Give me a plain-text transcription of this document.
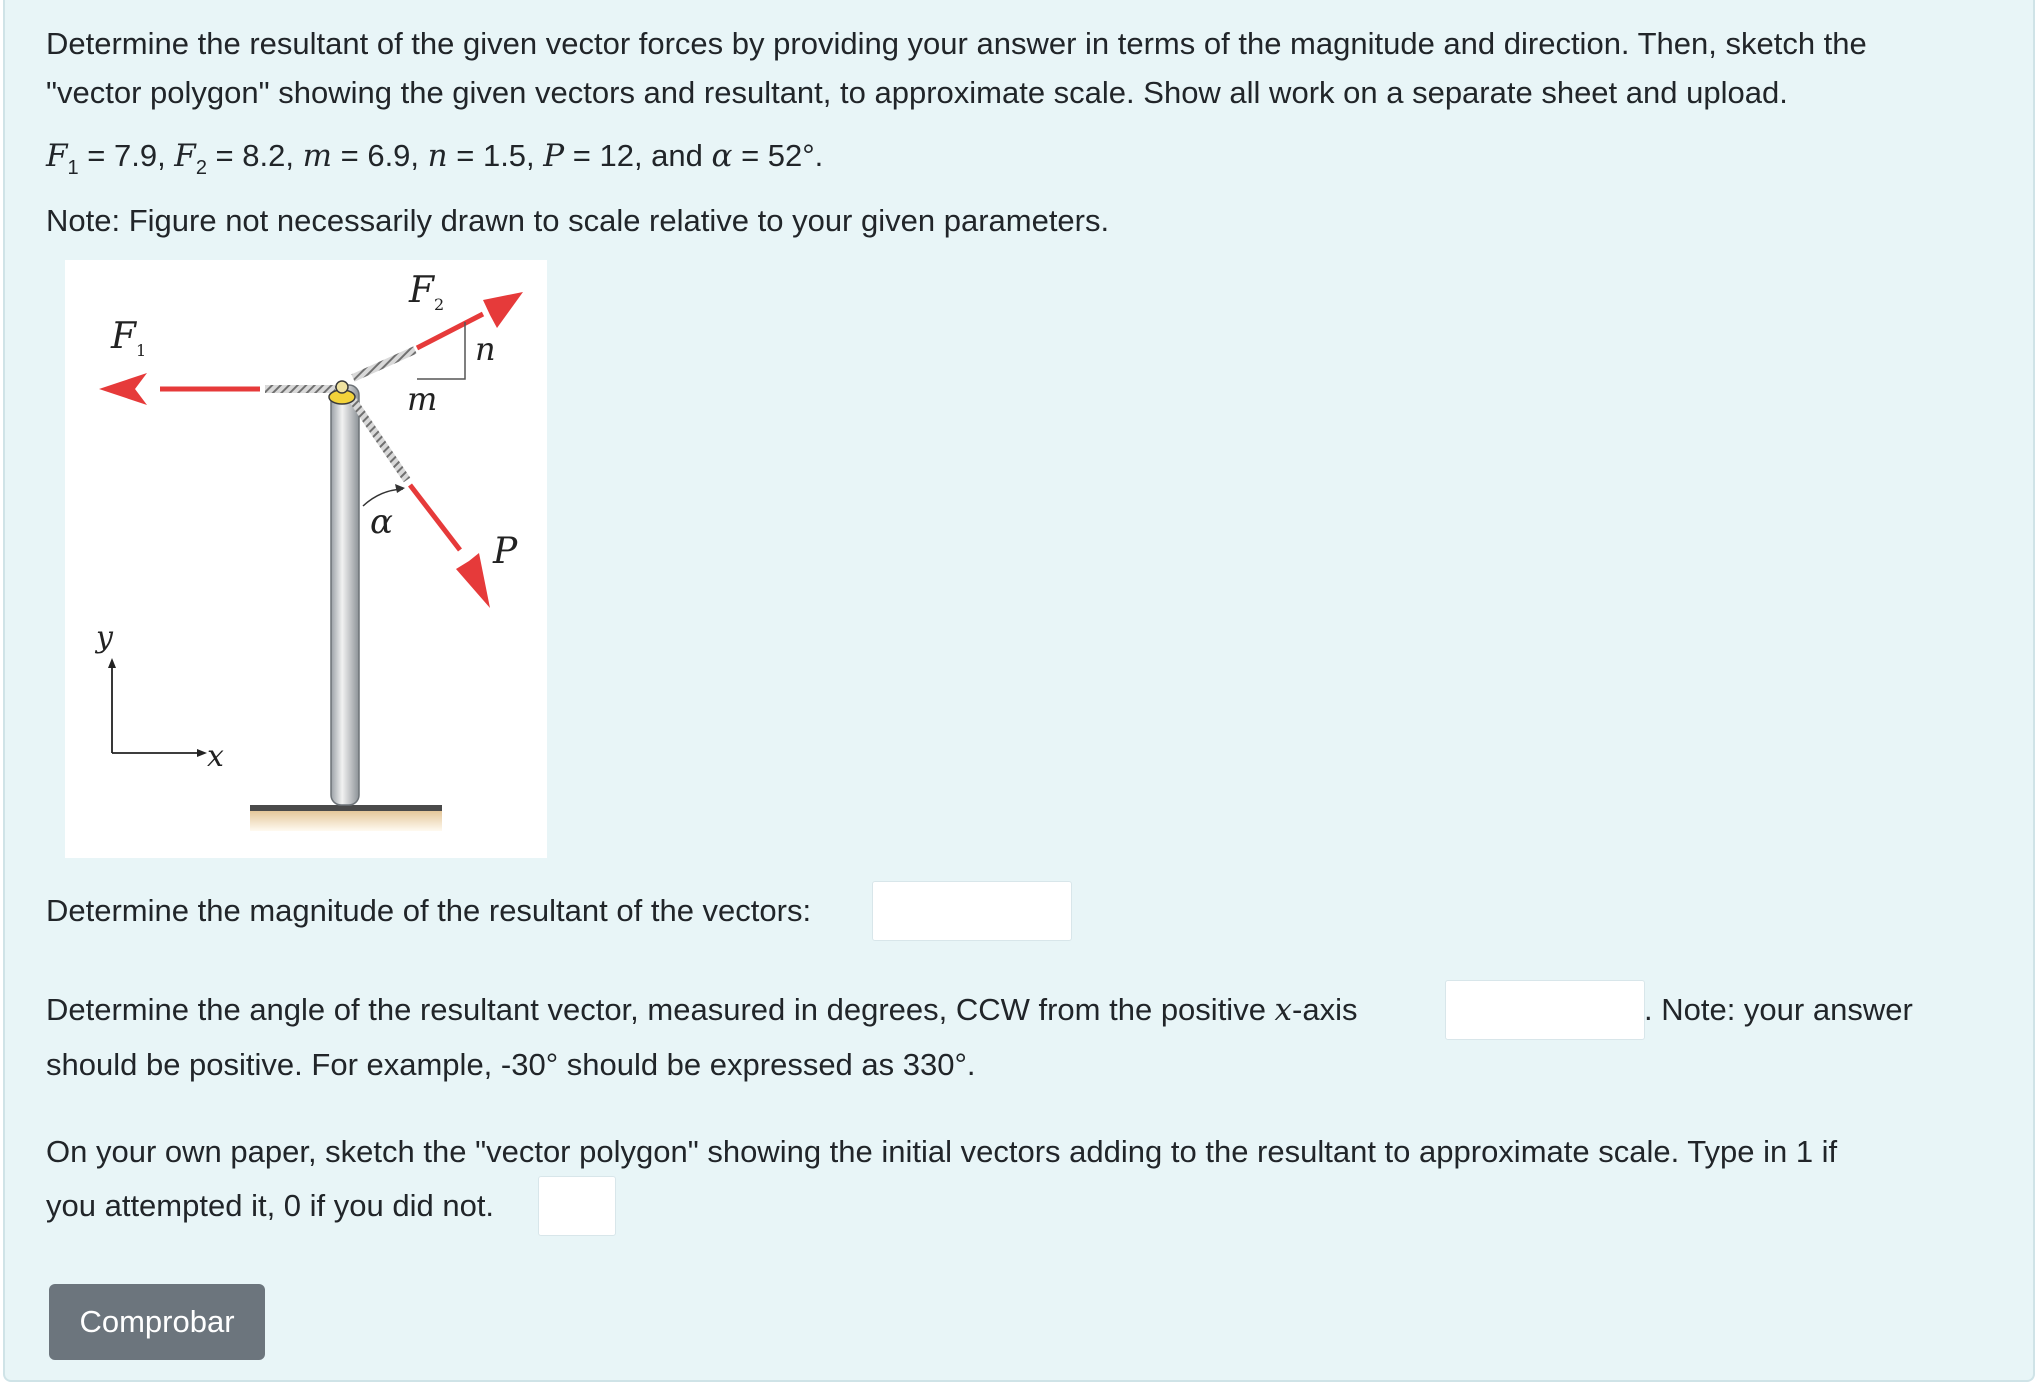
Determine the resultant of the given vector forces by providing your answer in terms of the magnitude and direction. Then, sketch the
"vector polygon" showing the given vectors and resultant, to approximate scale. Show all work on a separate sheet and upload.
$F_1 = 7.9$, $F_2 = 8.2$, m = 6.9, n = 1.5, P = 12, and α = 52°.
Note: Figure not necessarily drawn to scale relative to your given parameters.
$F_2$
$F_1$	n
m
α
P
y
x
Determine the magnitude of the resultant of the vectors:
Determine the angle of the resultant vector, measured in degrees, CCW from the positive x-axis	. Note: your answer
should be positive. For example, -30° should be expressed as 330°.
On your own paper, sketch the "vector polygon" showing the initial vectors adding to the resultant to approximate scale. Type in 1 if
you attempted it, 0 if you did not.
Comprobar
